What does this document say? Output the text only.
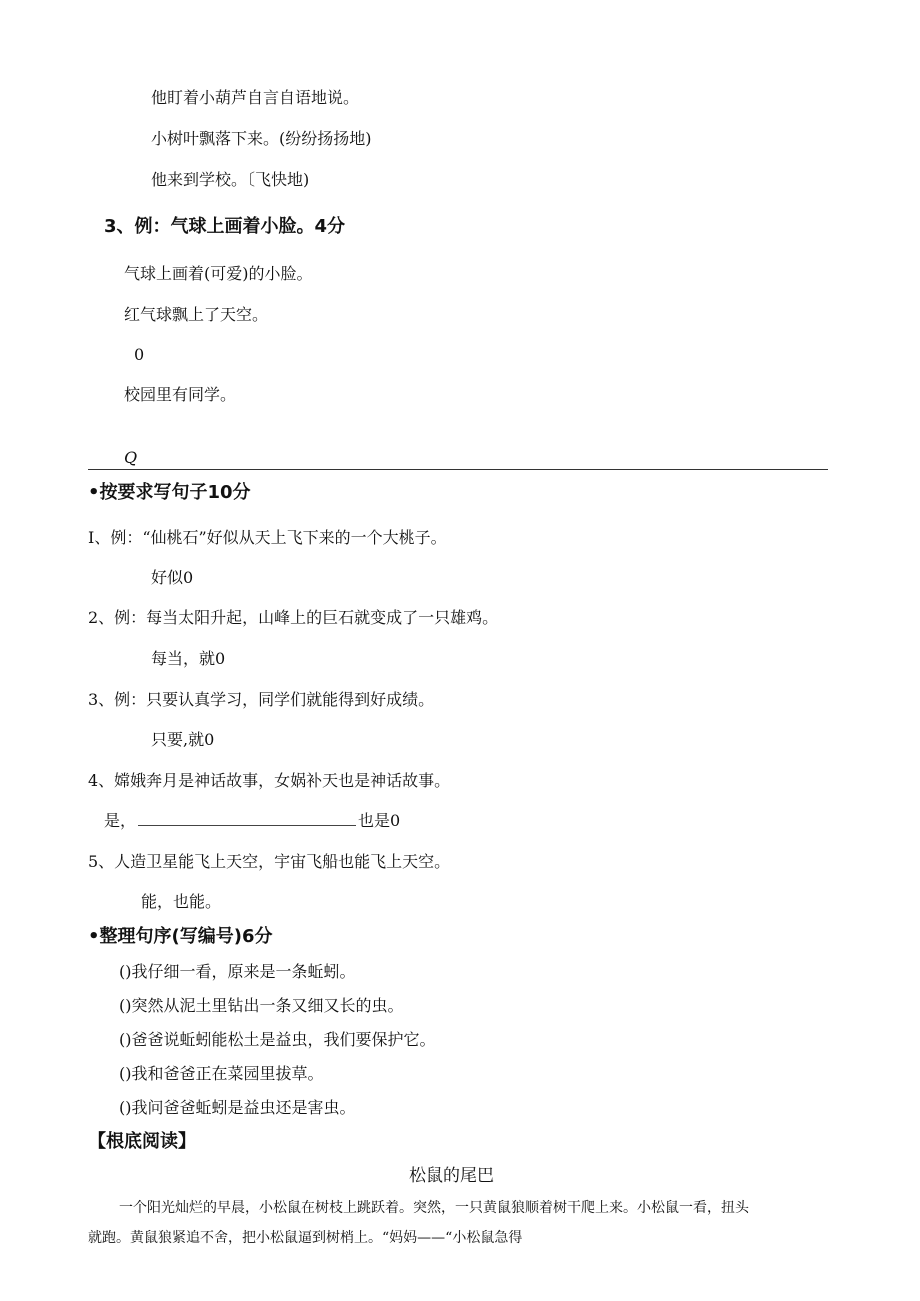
他盯着小葫芦自言自语地说。
小树叶飘落下来。(纷纷扬扬地)
他来到学校。〔飞快地)
3、例：气球上画着小脸。4分
气球上画着(可爱)的小脸。
红气球飘上了天空。
0
校园里有同学。
Q
•按要求写句子10分
I、例：“仙桃石”好似从天上飞下来的一个大桃子。
好似0
2、例：每当太阳升起，山峰上的巨石就变成了一只雄鸡。
每当，就0
3、例：只要认真学习，同学们就能得到好成绩。
只要,就0
4、嫦娥奔月是神话故事，女娲补天也是神话故事。
是，	也是0
5、人造卫星能飞上天空，宇宙飞船也能飞上天空。
能，也能。
•整理句序(写编号)6分
()我仔细一看，原来是一条蚯蚓。
()突然从泥土里钻出一条又细又长的虫。
()爸爸说蚯蚓能松土是益虫，我们要保护它。
()我和爸爸正在菜园里拔草。
()我问爸爸蚯蚓是益虫还是害虫。
【根底阅读】
松鼠的尾巴
一个阳光灿烂的早晨，小松鼠在树枝上跳跃着。突然，一只黄鼠狼顺着树干爬上来。小松鼠一看，扭头
就跑。黄鼠狼紧追不舍，把小松鼠逼到树梢上。“妈妈——“小松鼠急得
